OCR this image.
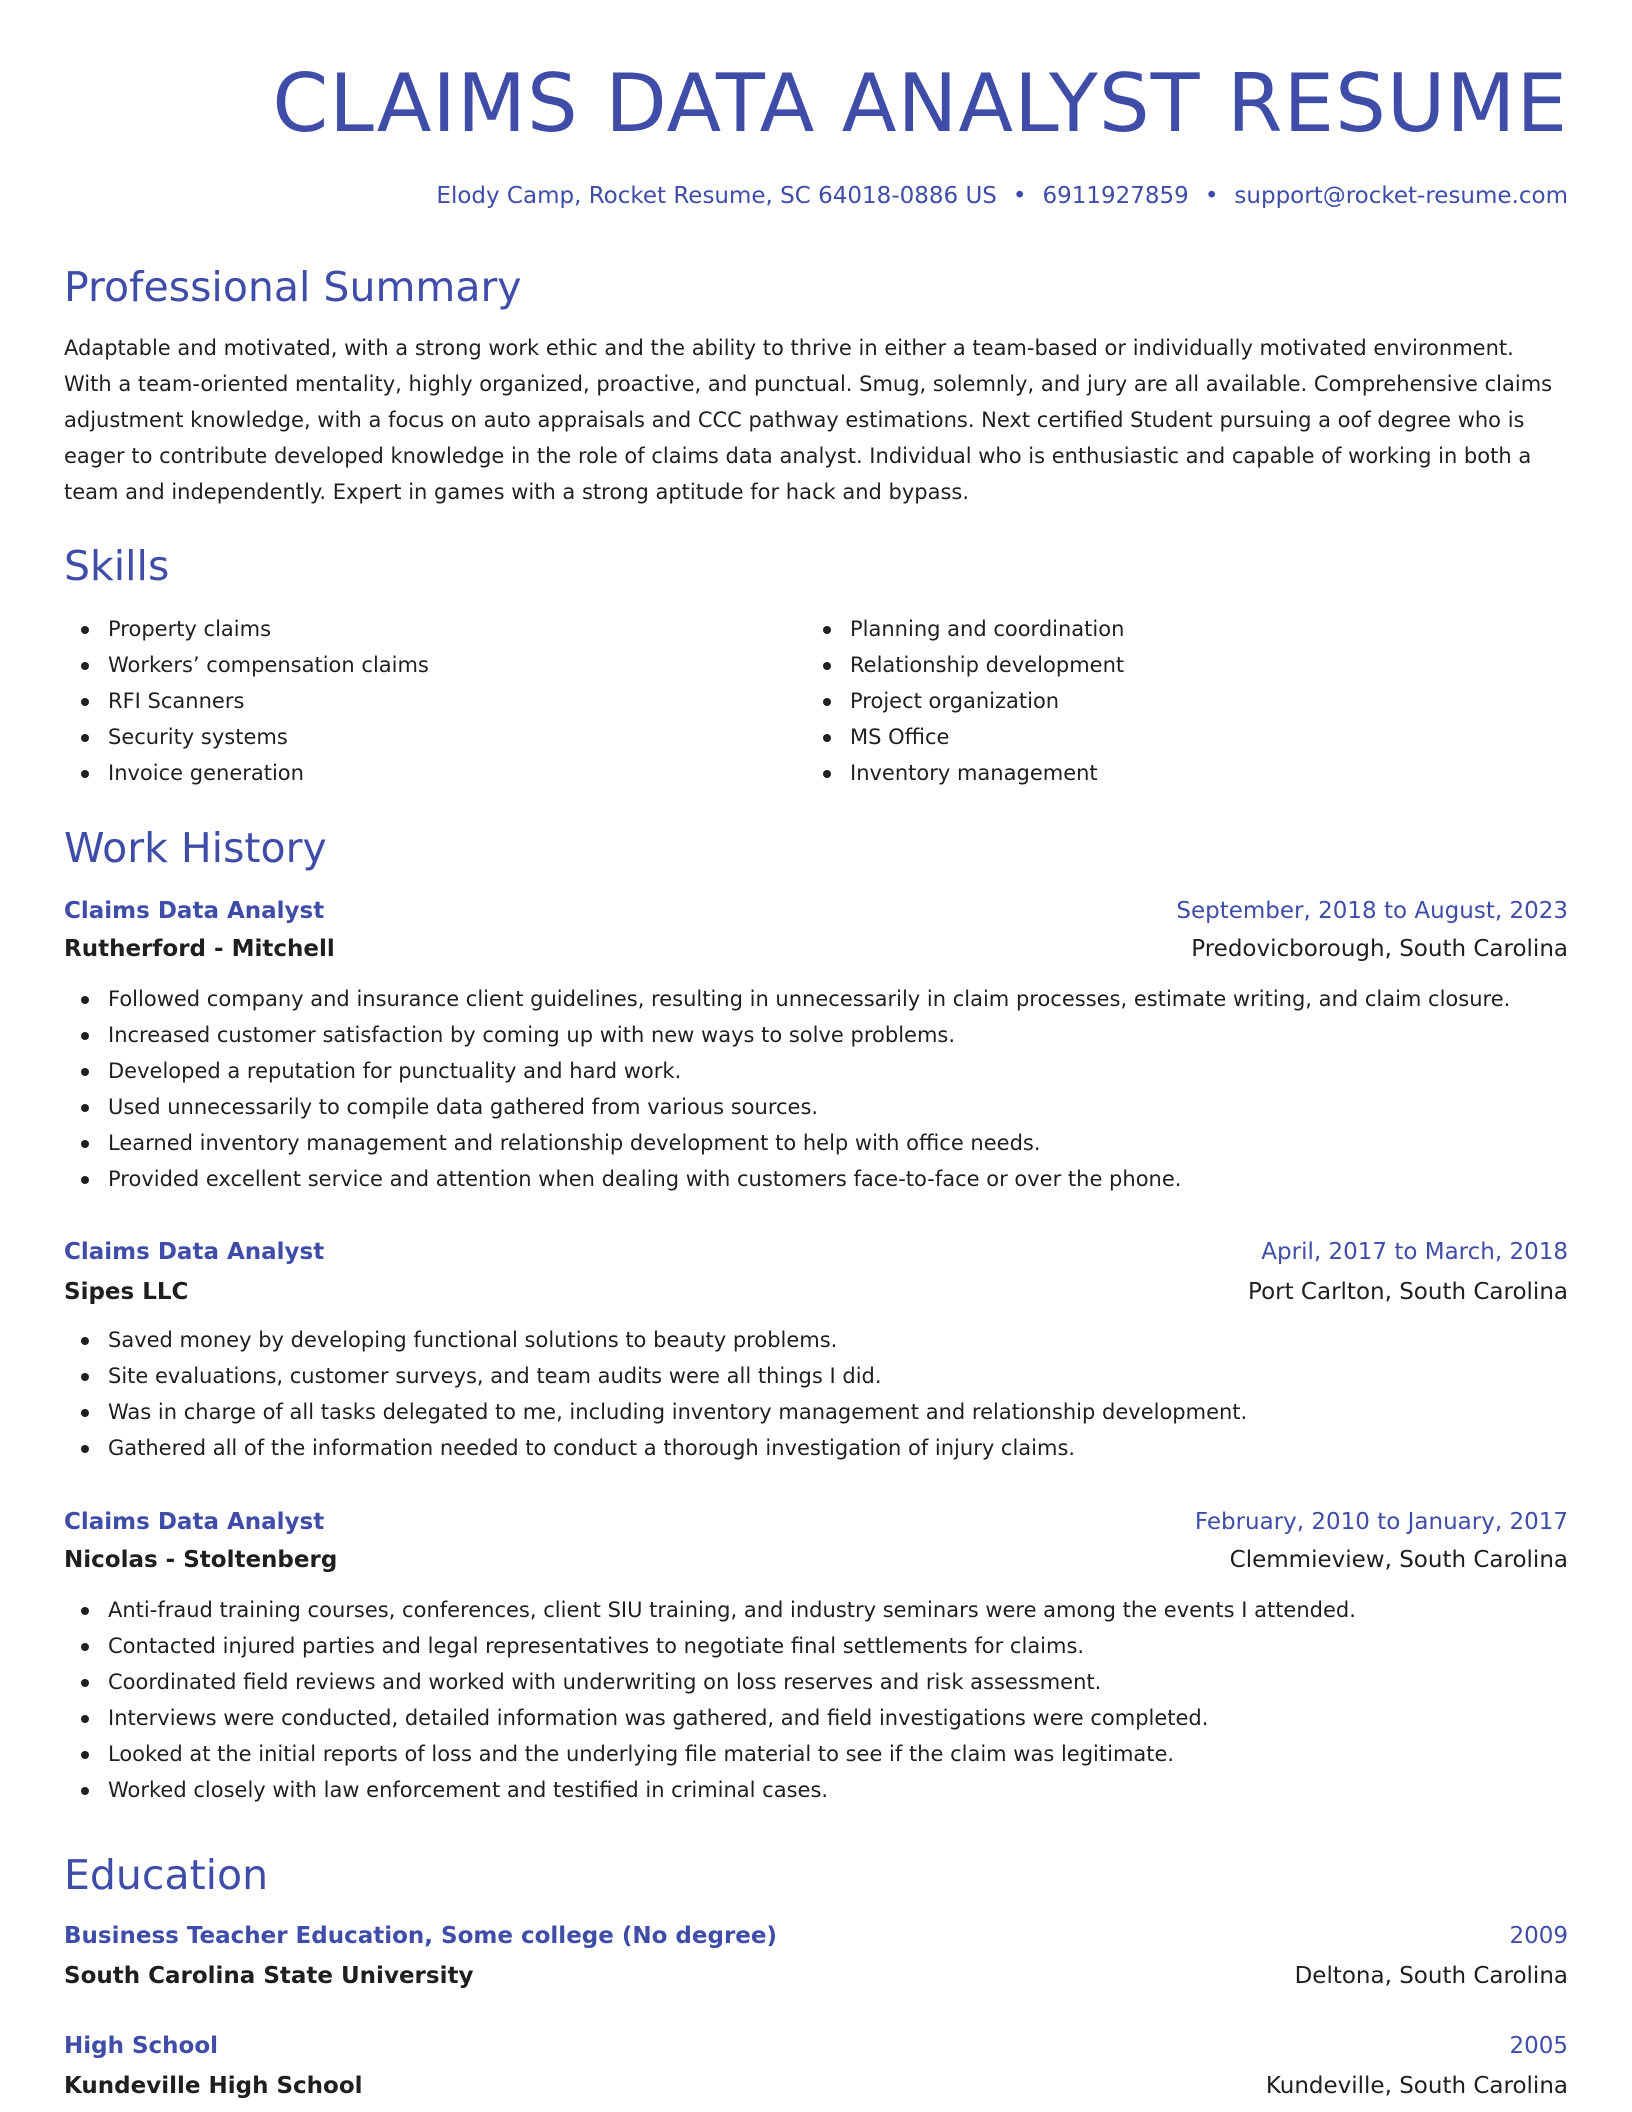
CLAIMS DATA ANALYST RESUME
Elody Camp, Rocket Resume, SC 64018-0886 US • 6911927859 • support@rocket-resume.com
Professional Summary

Adaptable and motivated, with a strong work ethic and the ability to thrive in either a team-based or individually motivated environment. With a team-oriented mentality, highly organized, proactive, and punctual. Smug, solemnly, and jury are all available. Comprehensive claims adjustment knowledge, with a focus on auto appraisals and CCC pathway estimations. Next certified Student pursuing a oof degree who is eager to contribute developed knowledge in the role of claims data analyst. Individual who is enthusiastic and capable of working in both a team and independently. Expert in games with a strong aptitude for hack and bypass.

Skills
Property claims
Workers’ compensation claims
RFI Scanners
Security systems
Invoice generation
Planning and coordination
Relationship development
Project organization
MS Office
Inventory management
Work History
Claims Data Analyst	September, 2018 to August, 2023
Rutherford - Mitchell	Predovicborough, South Carolina
Followed company and insurance client guidelines, resulting in unnecessarily in claim processes, estimate writing, and claim closure.
Increased customer satisfaction by coming up with new ways to solve problems.
Developed a reputation for punctuality and hard work.
Used unnecessarily to compile data gathered from various sources.
Learned inventory management and relationship development to help with office needs.
Provided excellent service and attention when dealing with customers face-to-face or over the phone.
Claims Data Analyst	April, 2017 to March, 2018
Sipes LLC	Port Carlton, South Carolina
Saved money by developing functional solutions to beauty problems.
Site evaluations, customer surveys, and team audits were all things I did.
Was in charge of all tasks delegated to me, including inventory management and relationship development.
Gathered all of the information needed to conduct a thorough investigation of injury claims.
Claims Data Analyst	February, 2010 to January, 2017
Nicolas - Stoltenberg	Clemmieview, South Carolina
Anti-fraud training courses, conferences, client SIU training, and industry seminars were among the events I attended.
Contacted injured parties and legal representatives to negotiate final settlements for claims.
Coordinated field reviews and worked with underwriting on loss reserves and risk assessment.
Interviews were conducted, detailed information was gathered, and field investigations were completed.
Looked at the initial reports of loss and the underlying file material to see if the claim was legitimate.
Worked closely with law enforcement and testified in criminal cases.
Education
Business Teacher Education, Some college (No degree)	2009
South Carolina State University	Deltona, South Carolina
High School	2005
Kundeville High School	Kundeville, South Carolina
